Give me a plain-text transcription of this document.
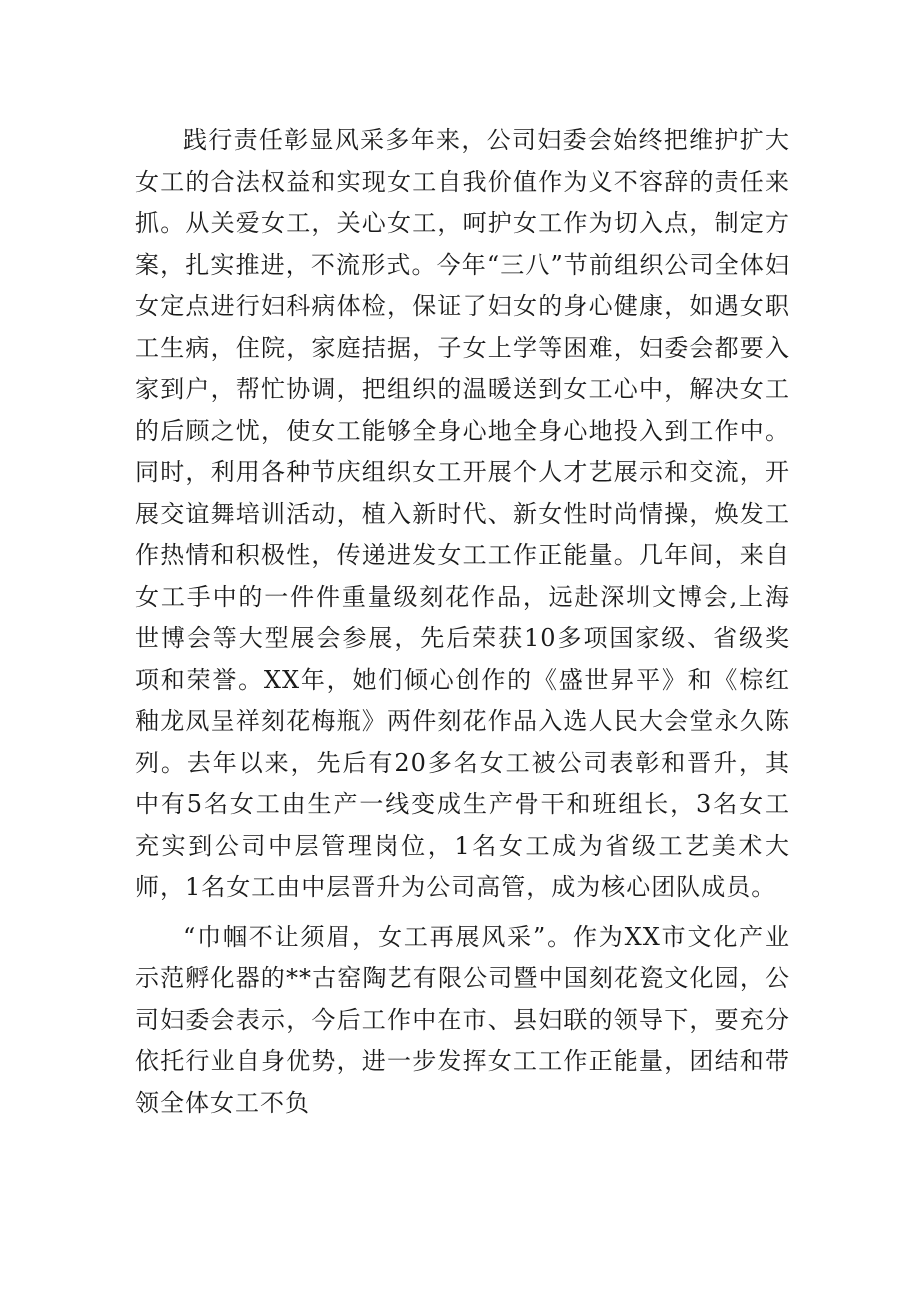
践行责任彰显风采多年来，公司妇委会始终把维护扩大女工的合法权益和实现女工自我价值作为义不容辞的责任来抓。从关爱女工，关心女工，呵护女工作为切入点，制定方案，扎实推进，不流形式。今年“三八”节前组织公司全体妇女定点进行妇科病体检，保证了妇女的身心健康，如遇女职工生病，住院，家庭拮据，子女上学等困难，妇委会都要入家到户，帮忙协调，把组织的温暖送到女工心中，解决女工的后顾之忧，使女工能够全身心地全身心地投入到工作中。同时，利用各种节庆组织女工开展个人才艺展示和交流，开展交谊舞培训活动，植入新时代、新女性时尚情操，焕发工作热情和积极性，传递进发女工工作正能量。几年间，来自女工手中的一件件重量级刻花作品，远赴深圳文博会,上海世博会等大型展会参展，先后荣获10多项国家级、省级奖项和荣誉。XX年，她们倾心创作的《盛世昇平》和《棕红釉龙凤呈祥刻花梅瓶》两件刻花作品入选人民大会堂永久陈列。去年以来，先后有20多名女工被公司表彰和晋升，其中有5名女工由生产一线变成生产骨干和班组长，3名女工充实到公司中层管理岗位，1名女工成为省级工艺美术大师，1名女工由中层晋升为公司高管，成为核心团队成员。

“巾帼不让须眉，女工再展风采”。作为XX市文化产业示范孵化器的**古窑陶艺有限公司暨中国刻花瓷文化园，公司妇委会表示，今后工作中在市、县妇联的领导下，要充分依托行业自身优势，进一步发挥女工工作正能量，团结和带领全体女工不负
